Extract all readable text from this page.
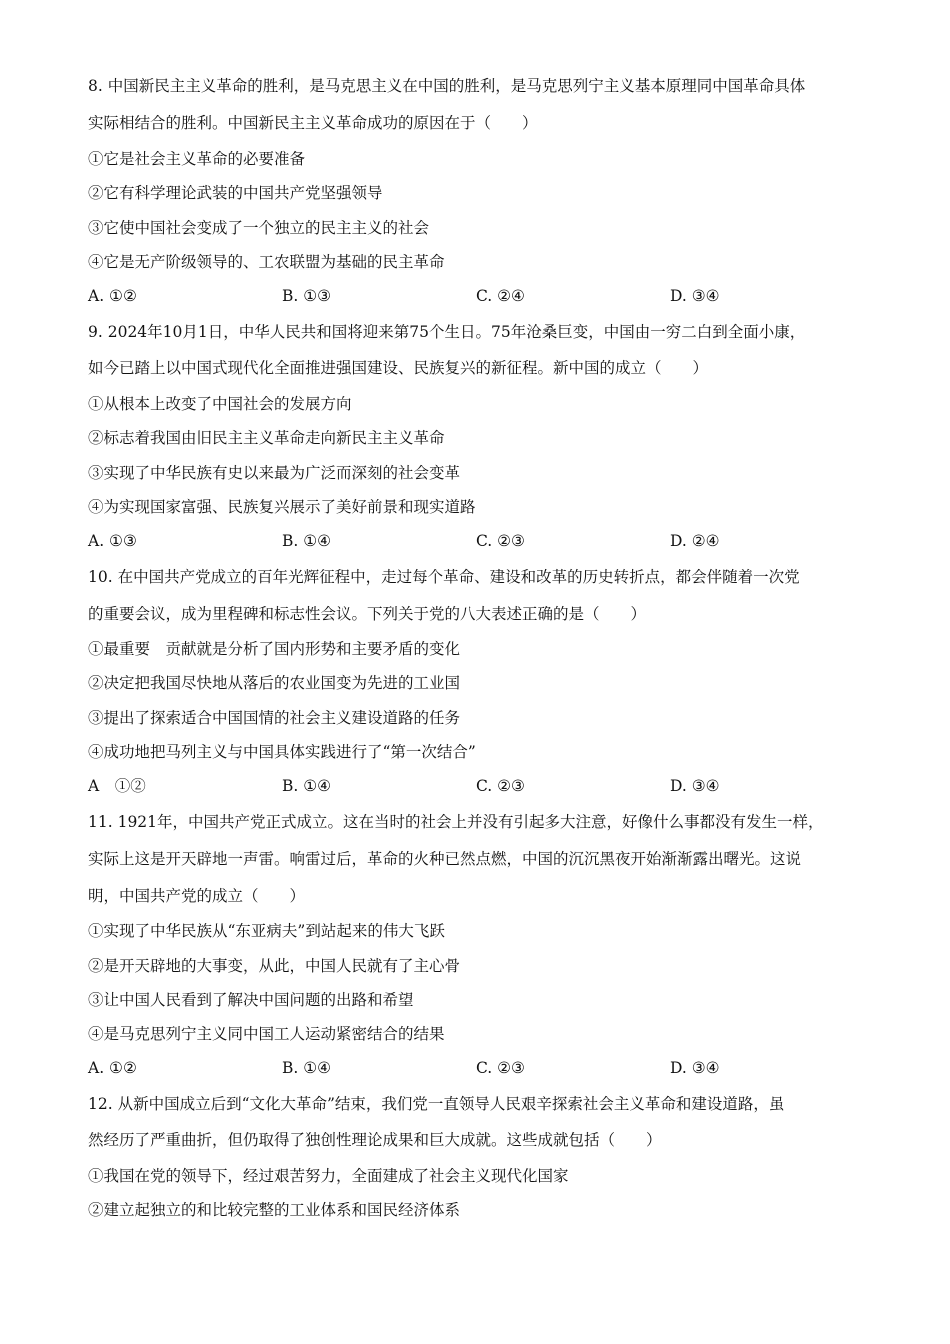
8. 中国新民主主义革命的胜利，是马克思主义在中国的胜利，是马克思列宁主义基本原理同中国革命具体
实际相结合的胜利。中国新民主主义革命成功的原因在于（　　）
①它是社会主义革命的必要准备
②它有科学理论武装的中国共产党坚强领导
③它使中国社会变成了一个独立的民主主义的社会
④它是无产阶级领导的、工农联盟为基础的民主革命
A. ①②	B. ①③	C. ②④	D. ③④
9. 2024年10月1日，中华人民共和国将迎来第75个生日。75年沧桑巨变，中国由一穷二白到全面小康，
如今已踏上以中国式现代化全面推进强国建设、民族复兴的新征程。新中国的成立（　　）
①从根本上改变了中国社会的发展方向
②标志着我国由旧民主主义革命走向新民主主义革命
③实现了中华民族有史以来最为广泛而深刻的社会变革
④为实现国家富强、民族复兴展示了美好前景和现实道路
A. ①③	B. ①④	C. ②③	D. ②④
10. 在中国共产党成立的百年光辉征程中，走过每个革命、建设和改革的历史转折点，都会伴随着一次党
的重要会议，成为里程碑和标志性会议。下列关于党的八大表述正确的是（　　）
①最重要　贡献就是分析了国内形势和主要矛盾的变化
②决定把我国尽快地从落后的农业国变为先进的工业国
③提出了探索适合中国国情的社会主义建设道路的任务
④成功地把马列主义与中国具体实践进行了“第一次结合”
A　①②	B. ①④	C. ②③	D. ③④
11. 1921年，中国共产党正式成立。这在当时的社会上并没有引起多大注意，好像什么事都没有发生一样，
实际上这是开天辟地一声雷。响雷过后，革命的火种已然点燃，中国的沉沉黑夜开始渐渐露出曙光。这说
明，中国共产党的成立（　　）
①实现了中华民族从“东亚病夫”到站起来的伟大飞跃
②是开天辟地的大事变，从此，中国人民就有了主心骨
③让中国人民看到了解决中国问题的出路和希望
④是马克思列宁主义同中国工人运动紧密结合的结果
A. ①②	B. ①④	C. ②③	D. ③④
12. 从新中国成立后到“文化大革命”结束，我们党一直领导人民艰辛探索社会主义革命和建设道路，虽
然经历了严重曲折，但仍取得了独创性理论成果和巨大成就。这些成就包括（　　）
①我国在党的领导下，经过艰苦努力，全面建成了社会主义现代化国家
②建立起独立的和比较完整的工业体系和国民经济体系
